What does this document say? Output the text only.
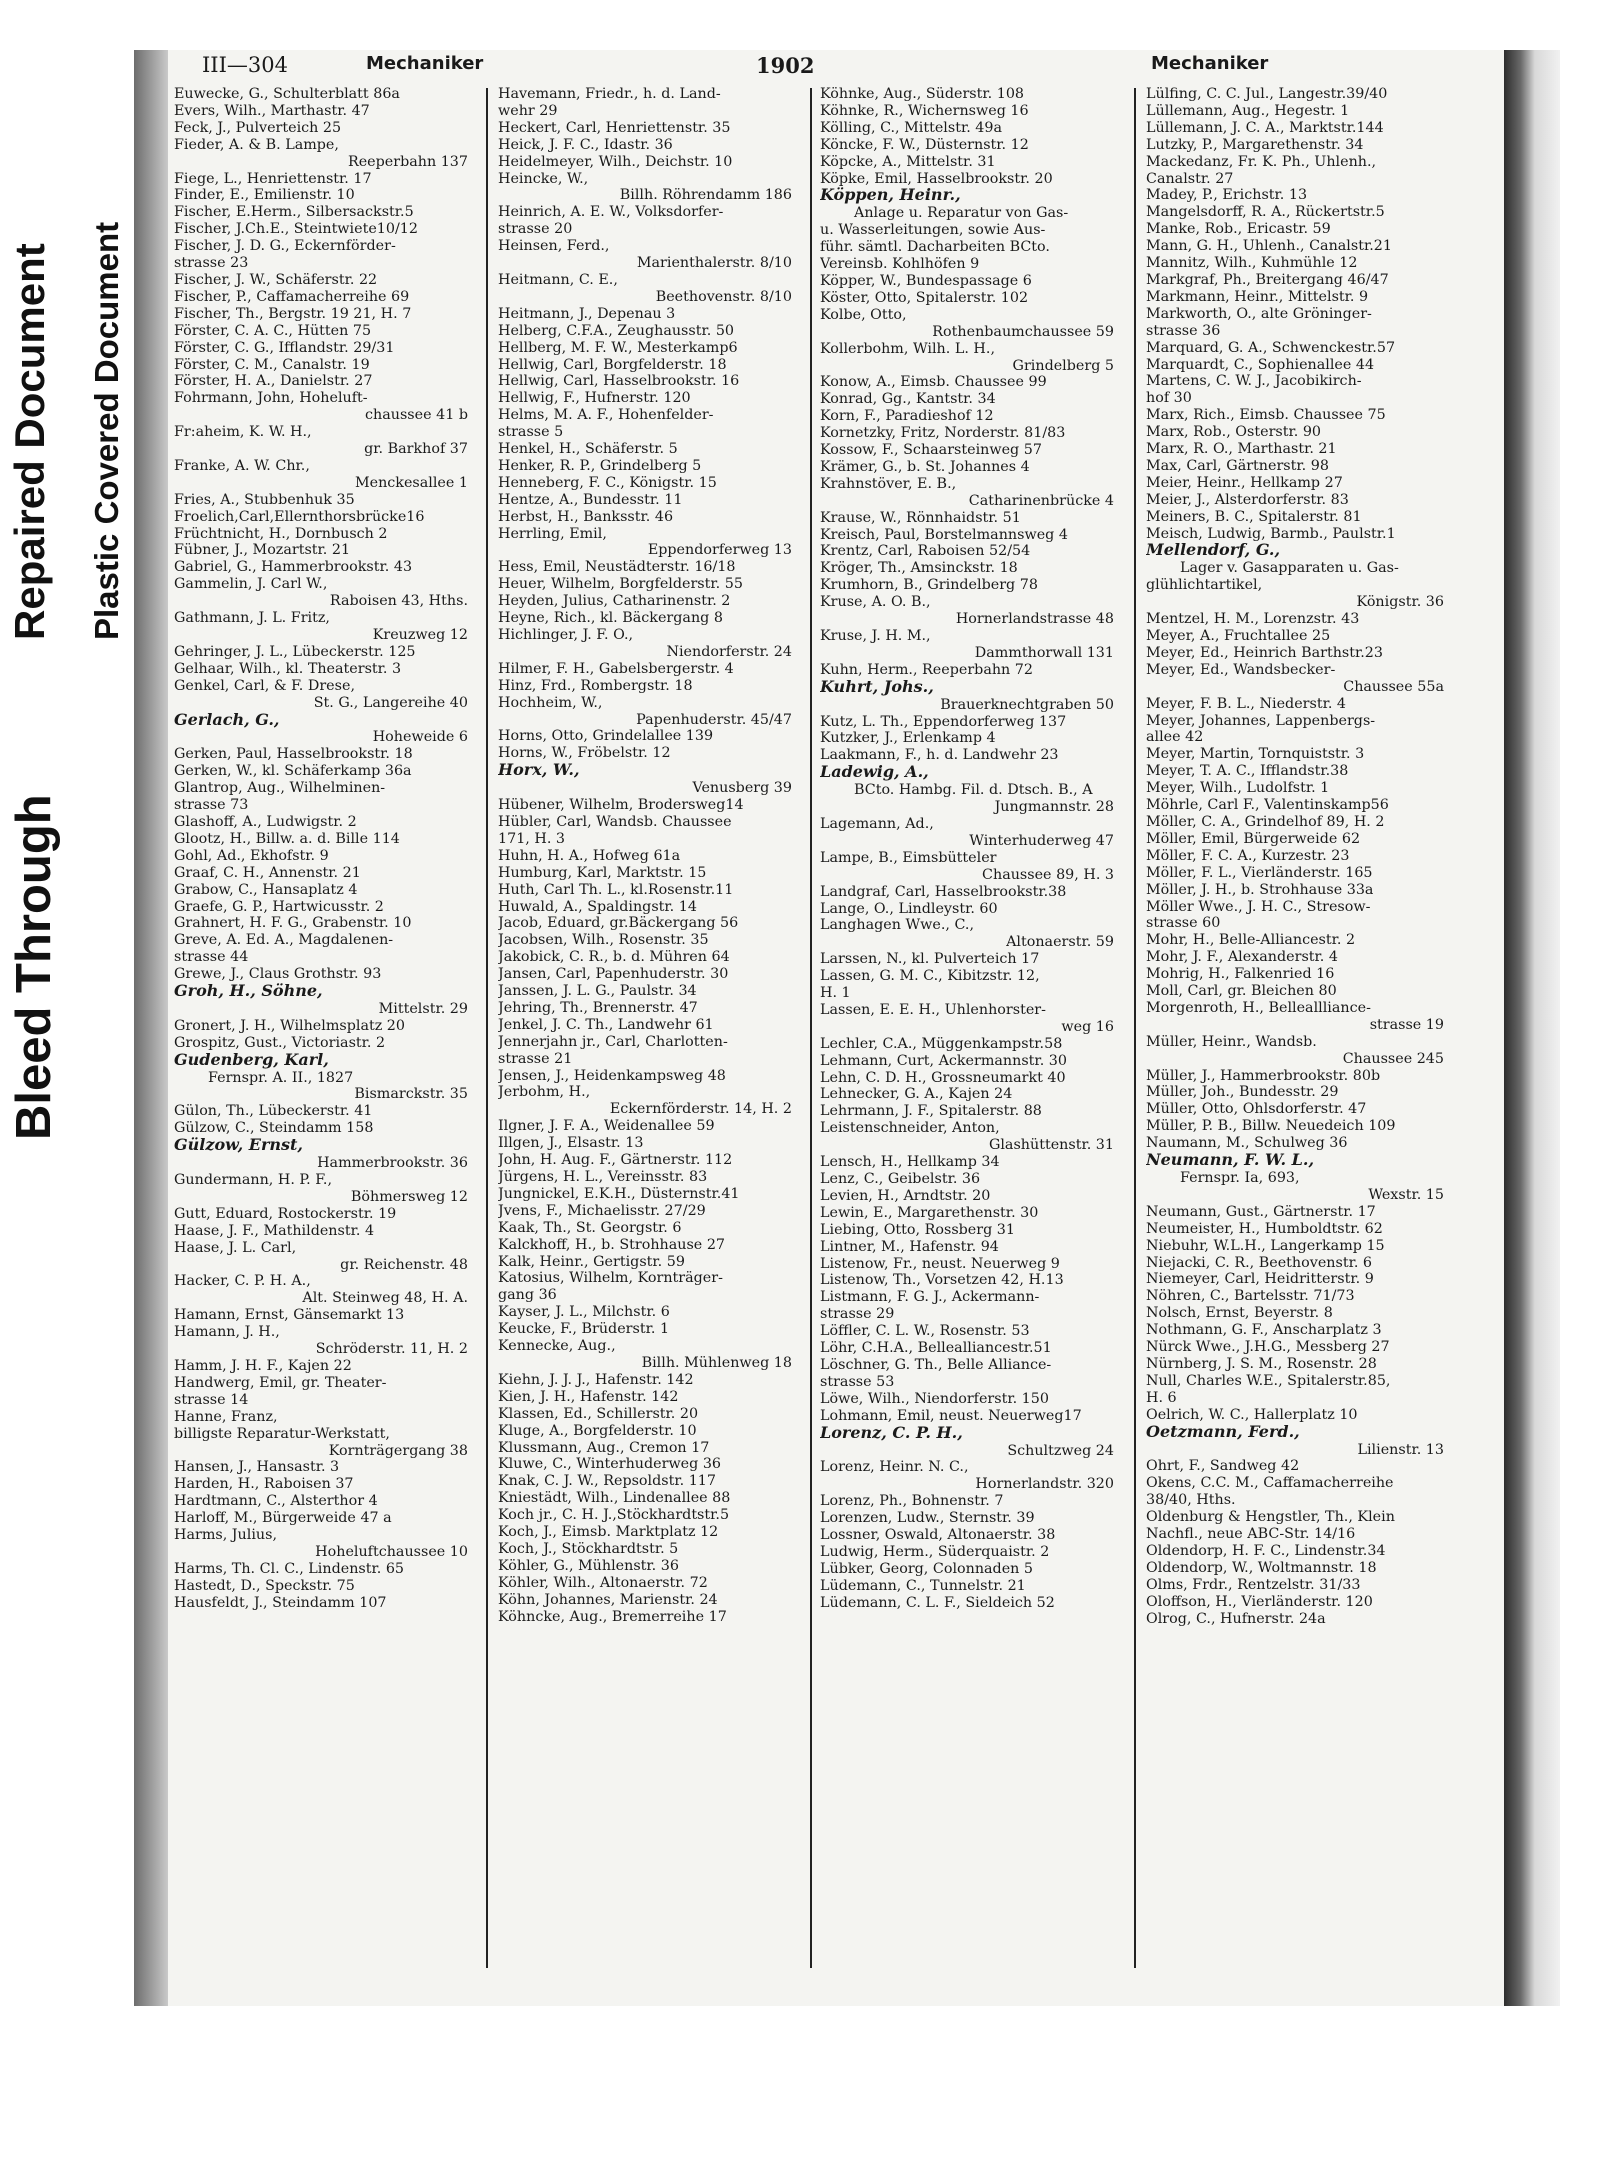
Bleed Through
Repaired Document Plastic Covered Document
III—304	Mechaniker	1902	Mechaniker
Euwecke, G., Schulterblatt 86a
Evers, Wilh., Marthastr. 47
Feck, J., Pulverteich 25
Fieder, A. & B. Lampe,
Reeperbahn 137
Fiege, L., Henriettenstr. 17
Finder, E., Emilienstr. 10
Fischer, E.Herm., Silbersackstr.5
Fischer, J.Ch.E., Steintwiete10/12
Fischer, J. D. G., Eckernförder-
strasse 23
Fischer, J. W., Schäferstr. 22
Fischer, P., Caffamacherreihe 69
Fischer, Th., Bergstr. 19 21, H. 7
Förster, C. A. C., Hütten 75
Förster, C. G., Ifflandstr. 29/31
Förster, C. M., Canalstr. 19
Förster, H. A., Danielstr. 27
Fohrmann, John, Hoheluft-
chaussee 41 b
Fr:aheim, K. W. H.,
gr. Barkhof 37
Franke, A. W. Chr.,
Menckesallee 1
Fries, A., Stubbenhuk 35
Froelich,Carl,Ellernthorsbrücke16
Früchtnicht, H., Dornbusch 2
Fübner, J., Mozartstr. 21
Gabriel, G., Hammerbrookstr. 43
Gammelin, J. Carl W.,
Raboisen 43, Hths.
Gathmann, J. L. Fritz,
Kreuzweg 12
Gehringer, J. L., Lübeckerstr. 125
Gelhaar, Wilh., kl. Theaterstr. 3
Genkel, Carl, & F. Drese,
St. G., Langereihe 40
Gerlach, G.,
Hoheweide 6
Gerken, Paul, Hasselbrookstr. 18
Gerken, W., kl. Schäferkamp 36a
Glantrop, Aug., Wilhelminen-
strasse 73
Glashoff, A., Ludwigstr. 2
Glootz, H., Billw. a. d. Bille 114
Gohl, Ad., Ekhofstr. 9
Graaf, C. H., Annenstr. 21
Grabow, C., Hansaplatz 4
Graefe, G. P., Hartwicusstr. 2
Grahnert, H. F. G., Grabenstr. 10
Greve, A. Ed. A., Magdalenen-
strasse 44
Grewe, J., Claus Grothstr. 93
Groh, H., Söhne,
Mittelstr. 29
Gronert, J. H., Wilhelmsplatz 20
Grospitz, Gust., Victoriastr. 2
Gudenberg, Karl,
Fernspr. A. II., 1827
Bismarckstr. 35
Gülon, Th., Lübeckerstr. 41
Gülzow, C., Steindamm 158
Gülzow, Ernst,
Hammerbrookstr. 36
Gundermann, H. P. F.,
Böhmersweg 12
Gutt, Eduard, Rostockerstr. 19
Haase, J. F., Mathildenstr. 4
Haase, J. L. Carl,
gr. Reichenstr. 48
Hacker, C. P. H. A.,
Alt. Steinweg 48, H. A.
Hamann, Ernst, Gänsemarkt 13
Hamann, J. H.,
Schröderstr. 11, H. 2
Hamm, J. H. F., Kajen 22
Handwerg, Emil, gr. Theater-
strasse 14
Hanne, Franz,
billigste Reparatur-Werkstatt,
Kornträgergang 38
Hansen, J., Hansastr. 3
Harden, H., Raboisen 37
Hardtmann, C., Alsterthor 4
Harloff, M., Bürgerweide 47 a
Harms, Julius,
Hoheluftchaussee 10
Harms, Th. Cl. C., Lindenstr. 65
Hastedt, D., Speckstr. 75
Hausfeldt, J., Steindamm 107
Havemann, Friedr., h. d. Land-
wehr 29
Heckert, Carl, Henriettenstr. 35
Heick, J. F. C., Idastr. 36
Heidelmeyer, Wilh., Deichstr. 10
Heincke, W.,
Billh. Röhrendamm 186
Heinrich, A. E. W., Volksdorfer-
strasse 20
Heinsen, Ferd.,
Marienthalerstr. 8/10
Heitmann, C. E.,
Beethovenstr. 8/10
Heitmann, J., Depenau 3
Helberg, C.F.A., Zeughausstr. 50
Hellberg, M. F. W., Mesterkamp6
Hellwig, Carl, Borgfelderstr. 18
Hellwig, Carl, Hasselbrookstr. 16
Hellwig, F., Hufnerstr. 120
Helms, M. A. F., Hohenfelder-
strasse 5
Henkel, H., Schäferstr. 5
Henker, R. P., Grindelberg 5
Henneberg, F. C., Königstr. 15
Hentze, A., Bundesstr. 11
Herbst, H., Banksstr. 46
Herrling, Emil,
Eppendorferweg 13
Hess, Emil, Neustädterstr. 16/18
Heuer, Wilhelm, Borgfelderstr. 55
Heyden, Julius, Catharinenstr. 2
Heyne, Rich., kl. Bäckergang 8
Hichlinger, J. F. O.,
Niendorferstr. 24
Hilmer, F. H., Gabelsbergerstr. 4
Hinz, Frd., Rombergstr. 18
Hochheim, W.,
Papenhuderstr. 45/47
Horns, Otto, Grindelallee 139
Horns, W., Fröbelstr. 12
Horx, W.,
Venusberg 39
Hübener, Wilhelm, Brodersweg14
Hübler, Carl, Wandsb. Chaussee
171, H. 3
Huhn, H. A., Hofweg 61a
Humburg, Karl, Marktstr. 15
Huth, Carl Th. L., kl.Rosenstr.11
Huwald, A., Spaldingstr. 14
Jacob, Eduard, gr.Bäckergang 56
Jacobsen, Wilh., Rosenstr. 35
Jakobick, C. R., b. d. Mühren 64
Jansen, Carl, Papenhuderstr. 30
Janssen, J. L. G., Paulstr. 34
Jehring, Th., Brennerstr. 47
Jenkel, J. C. Th., Landwehr 61
Jennerjahn jr., Carl, Charlotten-
strasse 21
Jensen, J., Heidenkampsweg 48
Jerbohm, H.,
Eckernförderstr. 14, H. 2
Ilgner, J. F. A., Weidenallee 59
Illgen, J., Elsastr. 13
John, H. Aug. F., Gärtnerstr. 112
Jürgens, H. L., Vereinsstr. 83
Jungnickel, E.K.H., Düsternstr.41
Jvens, F., Michaelisstr. 27/29
Kaak, Th., St. Georgstr. 6
Kalckhoff, H., b. Strohhause 27
Kalk, Heinr., Gertigstr. 59
Katosius, Wilhelm, Kornträger-
gang 36
Kayser, J. L., Milchstr. 6
Keucke, F., Brüderstr. 1
Kennecke, Aug.,
Billh. Mühlenweg 18
Kiehn, J. J. J., Hafenstr. 142
Kien, J. H., Hafenstr. 142
Klassen, Ed., Schillerstr. 20
Kluge, A., Borgfelderstr. 10
Klussmann, Aug., Cremon 17
Kluwe, C., Winterhuderweg 36
Knak, C. J. W., Repsoldstr. 117
Kniestädt, Wilh., Lindenallee 88
Koch jr., C. H. J.,Stöckhardtstr.5
Koch, J., Eimsb. Marktplatz 12
Koch, J., Stöckhardtstr. 5
Köhler, G., Mühlenstr. 36
Köhler, Wilh., Altonaerstr. 72
Köhn, Johannes, Marienstr. 24
Köhncke, Aug., Bremerreihe 17
Köhnke, Aug., Süderstr. 108
Köhnke, R., Wichernsweg 16
Kölling, C., Mittelstr. 49a
Köncke, F. W., Düsternstr. 12
Köpcke, A., Mittelstr. 31
Köpke, Emil, Hasselbrookstr. 20
Köppen, Heinr.,
Anlage u. Reparatur von Gas-
u. Wasserleitungen, sowie Aus-
führ. sämtl. Dacharbeiten BCto.
Vereinsb. Kohlhöfen 9
Köpper, W., Bundespassage 6
Köster, Otto, Spitalerstr. 102
Kolbe, Otto,
Rothenbaumchaussee 59
Kollerbohm, Wilh. L. H.,
Grindelberg 5
Konow, A., Eimsb. Chaussee 99
Konrad, Gg., Kantstr. 34
Korn, F., Paradieshof 12
Kornetzky, Fritz, Norderstr. 81/83
Kossow, F., Schaarsteinweg 57
Krämer, G., b. St. Johannes 4
Krahnstöver, E. B.,
Catharinenbrücke 4
Krause, W., Rönnhaidstr. 51
Kreisch, Paul, Borstelmannsweg 4
Krentz, Carl, Raboisen 52/54
Kröger, Th., Amsinckstr. 18
Krumhorn, B., Grindelberg 78
Kruse, A. O. B.,
Hornerlandstrasse 48
Kruse, J. H. M.,
Dammthorwall 131
Kuhn, Herm., Reeperbahn 72
Kuhrt, Johs.,
Brauerknechtgraben 50
Kutz, L. Th., Eppendorferweg 137
Kutzker, J., Erlenkamp 4
Laakmann, F., h. d. Landwehr 23
Ladewig, A.,
BCto. Hambg. Fil. d. Dtsch. B., A
Jungmannstr. 28
Lagemann, Ad.,
Winterhuderweg 47
Lampe, B., Eimsbütteler
Chaussee 89, H. 3
Landgraf, Carl, Hasselbrookstr.38
Lange, O., Lindleystr. 60
Langhagen Wwe., C.,
Altonaerstr. 59
Larssen, N., kl. Pulverteich 17
Lassen, G. M. C., Kibitzstr. 12,
H. 1
Lassen, E. E. H., Uhlenhorster-
weg 16
Lechler, C.A., Müggenkampstr.58
Lehmann, Curt, Ackermannstr. 30
Lehn, C. D. H., Grossneumarkt 40
Lehnecker, G. A., Kajen 24
Lehrmann, J. F., Spitalerstr. 88
Leistenschneider, Anton,
Glashüttenstr. 31
Lensch, H., Hellkamp 34
Lenz, C., Geibelstr. 36
Levien, H., Arndtstr. 20
Lewin, E., Margarethenstr. 30
Liebing, Otto, Rossberg 31
Lintner, M., Hafenstr. 94
Listenow, Fr., neust. Neuerweg 9
Listenow, Th., Vorsetzen 42, H.13
Listmann, F. G. J., Ackermann-
strasse 29
Löffler, C. L. W., Rosenstr. 53
Löhr, C.H.A., Bellealliancestr.51
Löschner, G. Th., Belle Alliance-
strasse 53
Löwe, Wilh., Niendorferstr. 150
Lohmann, Emil, neust. Neuerweg17
Lorenz, C. P. H.,
Schultzweg 24
Lorenz, Heinr. N. C.,
Hornerlandstr. 320
Lorenz, Ph., Bohnenstr. 7
Lorenzen, Ludw., Sternstr. 39
Lossner, Oswald, Altonaerstr. 38
Ludwig, Herm., Süderquaistr. 2
Lübker, Georg, Colonnaden 5
Lüdemann, C., Tunnelstr. 21
Lüdemann, C. L. F., Sieldeich 52
Lülfing, C. C. Jul., Langestr.39/40
Lüllemann, Aug., Hegestr. 1
Lüllemann, J. C. A., Marktstr.144
Lutzky, P., Margarethenstr. 34
Mackedanz, Fr. K. Ph., Uhlenh.,
Canalstr. 27
Madey, P., Erichstr. 13
Mangelsdorff, R. A., Rückertstr.5
Manke, Rob., Ericastr. 59
Mann, G. H., Uhlenh., Canalstr.21
Mannitz, Wilh., Kuhmühle 12
Markgraf, Ph., Breitergang 46/47
Markmann, Heinr., Mittelstr. 9
Markworth, O., alte Gröninger-
strasse 36
Marquard, G. A., Schwenckestr.57
Marquardt, C., Sophienallee 44
Martens, C. W. J., Jacobikirch-
hof 30
Marx, Rich., Eimsb. Chaussee 75
Marx, Rob., Osterstr. 90
Marx, R. O., Marthastr. 21
Max, Carl, Gärtnerstr. 98
Meier, Heinr., Hellkamp 27
Meier, J., Alsterdorferstr. 83
Meiners, B. C., Spitalerstr. 81
Meisch, Ludwig, Barmb., Paulstr.1
Mellendorf, G.,
Lager v. Gasapparaten u. Gas-
glühlichtartikel,
Königstr. 36
Mentzel, H. M., Lorenzstr. 43
Meyer, A., Fruchtallee 25
Meyer, Ed., Heinrich Barthstr.23
Meyer, Ed., Wandsbecker-
Chaussee 55a
Meyer, F. B. L., Niederstr. 4
Meyer, Johannes, Lappenbergs-
allee 42
Meyer, Martin, Tornquiststr. 3
Meyer, T. A. C., Ifflandstr.38
Meyer, Wilh., Ludolfstr. 1
Möhrle, Carl F., Valentinskamp56
Möller, C. A., Grindelhof 89, H. 2
Möller, Emil, Bürgerweide 62
Möller, F. C. A., Kurzestr. 23
Möller, F. L., Vierländerstr. 165
Möller, J. H., b. Strohhause 33a
Möller Wwe., J. H. C., Stresow-
strasse 60
Mohr, H., Belle-Alliancestr. 2
Mohr, J. F., Alexanderstr. 4
Mohrig, H., Falkenried 16
Moll, Carl, gr. Bleichen 80
Morgenroth, H., Belleallliance-
strasse 19
Müller, Heinr., Wandsb.
Chaussee 245
Müller, J., Hammerbrookstr. 80b
Müller, Joh., Bundesstr. 29
Müller, Otto, Ohlsdorferstr. 47
Müller, P. B., Billw. Neuedeich 109
Naumann, M., Schulweg 36
Neumann, F. W. L.,
Fernspr. Ia, 693,
Wexstr. 15
Neumann, Gust., Gärtnerstr. 17
Neumeister, H., Humboldtstr. 62
Niebuhr, W.L.H., Langerkamp 15
Niejacki, C. R., Beethovenstr. 6
Niemeyer, Carl, Heidritterstr. 9
Nöhren, C., Bartelsstr. 71/73
Nolsch, Ernst, Beyerstr. 8
Nothmann, G. F., Anscharplatz 3
Nürck Wwe., J.H.G., Messberg 27
Nürnberg, J. S. M., Rosenstr. 28
Null, Charles W.E., Spitalerstr.85,
H. 6
Oelrich, W. C., Hallerplatz 10
Oetzmann, Ferd.,
Lilienstr. 13
Ohrt, F., Sandweg 42
Okens, C.C. M., Caffamacherreihe
38/40, Hths.
Oldenburg & Hengstler, Th., Klein
Nachfl., neue ABC-Str. 14/16
Oldendorp, H. F. C., Lindenstr.34
Oldendorp, W., Woltmannstr. 18
Olms, Frdr., Rentzelstr. 31/33
Oloffson, H., Vierländerstr. 120
Olrog, C., Hufnerstr. 24a
